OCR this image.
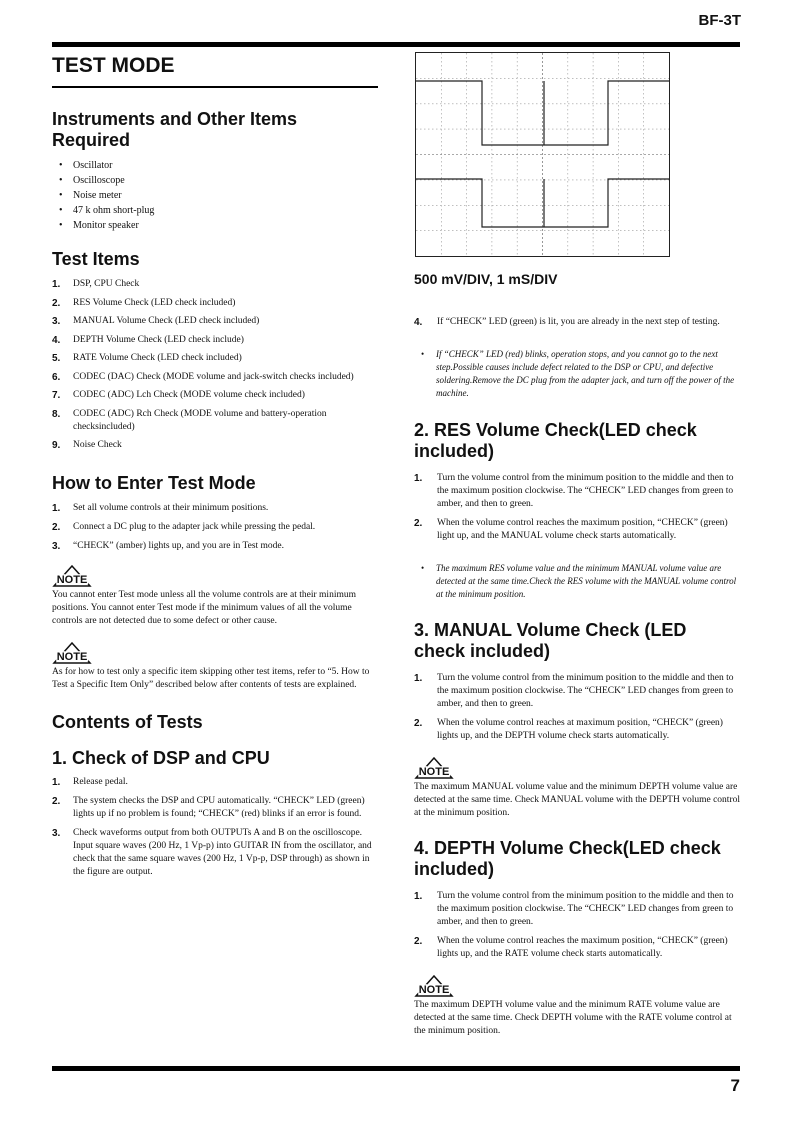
BF-3T
TEST MODE
Instruments and Other Items Required
• Oscillator
• Oscilloscope
• Noise meter
• 47 k ohm short-plug
• Monitor speaker
Test Items
1. DSP, CPU Check
2. RES Volume Check (LED check included)
3. MANUAL Volume Check (LED check included)
4. DEPTH Volume Check (LED check include)
5. RATE Volume Check (LED check included)
6. CODEC (DAC) Check (MODE volume and jack-switch checks included)
7. CODEC (ADC) Lch Check (MODE volume check included)
8. CODEC (ADC) Rch Check (MODE volume and battery-operation checksincluded)
9. Noise Check
How to Enter Test Mode
1. Set all volume controls at their minimum positions.
2. Connect a DC plug to the adapter jack while pressing the pedal.
3. “CHECK” (amber) lights up, and you are in Test mode.
NOTE
You cannot enter Test mode unless all the volume controls are at their minimum
positions. You cannot enter Test mode if the minimum values of all the volume controls are not detected due to some defect or other cause.
NOTE
As for how to test only a specific item skipping other test items, refer to “5. How to Test a Specific Item Only” described below after contents of tests are explained.
Contents of Tests
1. Check of DSP and CPU
1. Release pedal.
2. The system checks the DSP and CPU automatically. “CHECK” LED (green) lights up if no problem is found; “CHECK” (red) blinks if an error is found.
3. Check waveforms output from both OUTPUTs A and B on the oscilloscope.
Input square waves (200 Hz, 1 Vp-p) into GUITAR IN from the oscillator, and check that the same square waves (200 Hz, 1 Vp-p, DSP through) as shown in the figure are output.
500 mV/DIV, 1 mS/DIV
4. If “CHECK” LED (green) is lit, you are already in the next step of testing.

• If “CHECK” LED (red) blinks, operation stops, and you cannot go to the next step.Possible causes include defect related to the DSP or CPU, and defective soldering.Remove the DC plug from the adapter jack, and turn off the power of the machine.

2. RES Volume Check(LED check included)
1. Turn the volume control from the minimum position to the middle and then to the maximum position clockwise. The “CHECK” LED changes from green to amber, and then to green.
2. When the volume control reaches the maximum position, “CHECK” (green) light up, and the MANUAL volume check starts automatically.

• The maximum RES volume value and the minimum MANUAL volume value are detected at the same time.Check the RES volume with the MANUAL volume control at the minimum position.

3. MANUAL Volume Check (LED check included)
1. Turn the volume control from the minimum position to the middle and then to the maximum position clockwise. The “CHECK” LED changes from green to amber, and then to green.
2. When the volume control reaches at maximum position, “CHECK” (green) lights up, and the DEPTH volume check starts automatically.
NOTE
The maximum MANUAL volume value and the minimum DEPTH volume value are detected at the same time. Check MANUAL volume with the DEPTH volume control at the minimum position.
4. DEPTH Volume Check(LED check included)
1. Turn the volume control from the minimum position to the middle and then to the maximum position clockwise. The “CHECK” LED changes from green to amber, and then to green.
2. When the volume control reaches the maximum position, “CHECK” (green) lights up, and the RATE volume check starts automatically.
NOTE
The maximum DEPTH volume value and the minimum RATE volume value are detected at the same time. Check DEPTH volume with the RATE volume control at the minimum position.
7
